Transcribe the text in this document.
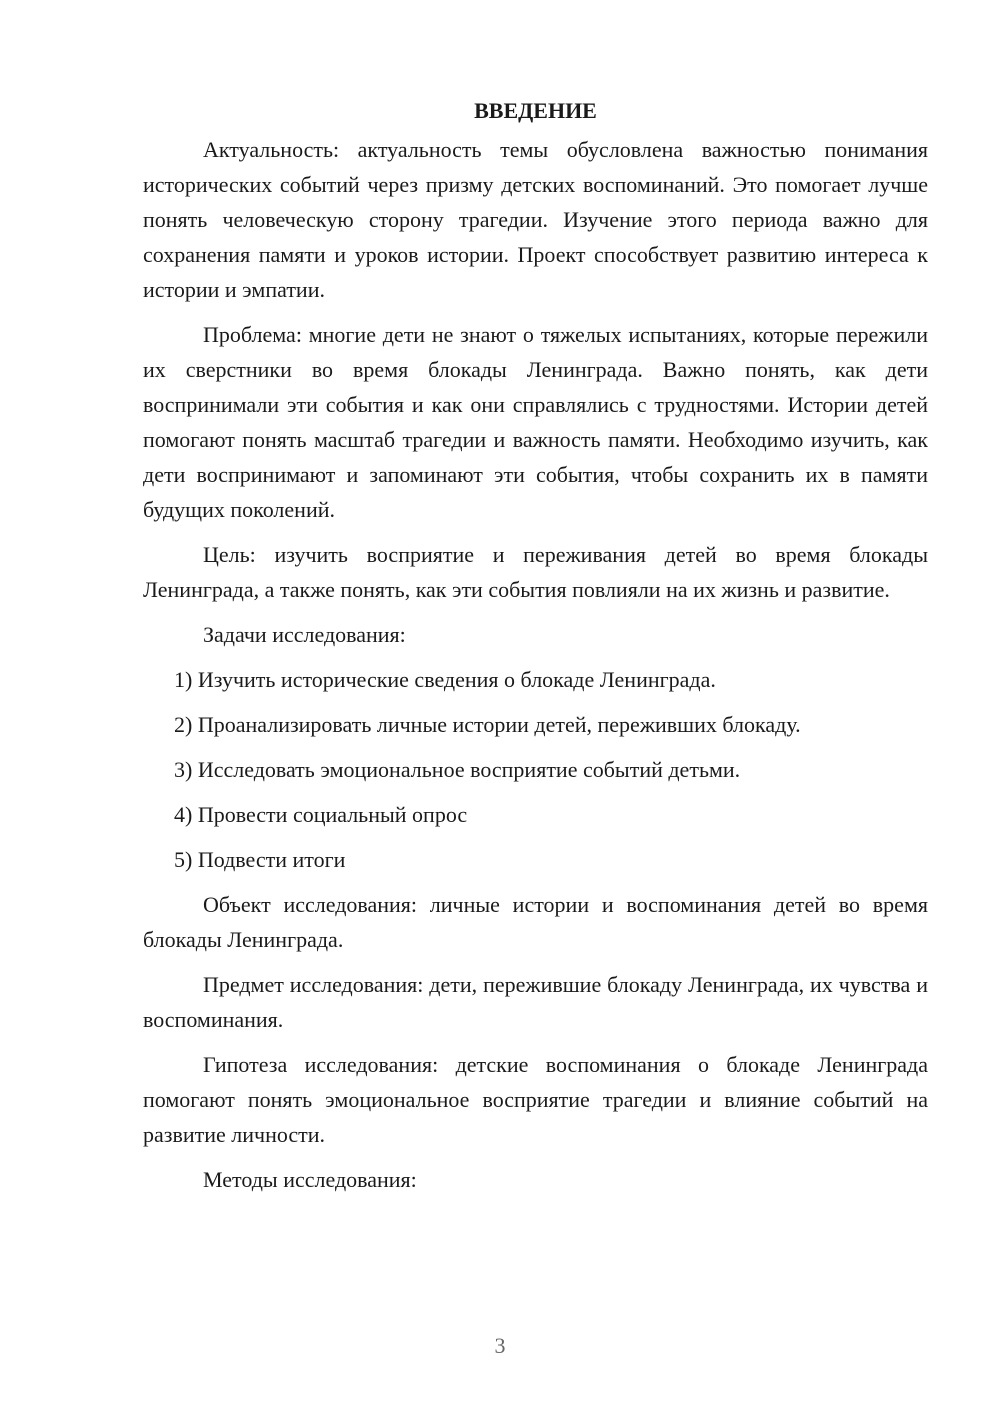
ВВЕДЕНИЕ

Актуальность: актуальность темы обусловлена важностью понимания исторических событий через призму детских воспоминаний. Это помогает лучше понять человеческую сторону трагедии. Изучение этого периода важно для сохранения памяти и уроков истории. Проект способствует развитию интереса к истории и эмпатии.

Проблема: многие дети не знают о тяжелых испытаниях, которые пережили их сверстники во время блокады Ленинграда. Важно понять, как дети воспринимали эти события и как они справлялись с трудностями. Истории детей помогают понять масштаб трагедии и важность памяти. Необходимо изучить, как дети воспринимают и запоминают эти события, чтобы сохранить их в памяти будущих поколений.

Цель: изучить восприятие и переживания детей во время блокады Ленинграда, а также понять, как эти события повлияли на их жизнь и развитие.

Задачи исследования:

1) Изучить исторические сведения о блокаде Ленинграда.
2) Проанализировать личные истории детей, переживших блокаду.
3) Исследовать эмоциональное восприятие событий детьми.
4) Провести социальный опрос
5) Подвести итоги

Объект исследования: личные истории и воспоминания детей во время блокады Ленинграда.

Предмет исследования: дети, пережившие блокаду Ленинграда, их чувства и воспоминания.

Гипотеза исследования: детские воспоминания о блокаде Ленинграда помогают понять эмоциональное восприятие трагедии и влияние событий на развитие личности.

Методы исследования:

3
